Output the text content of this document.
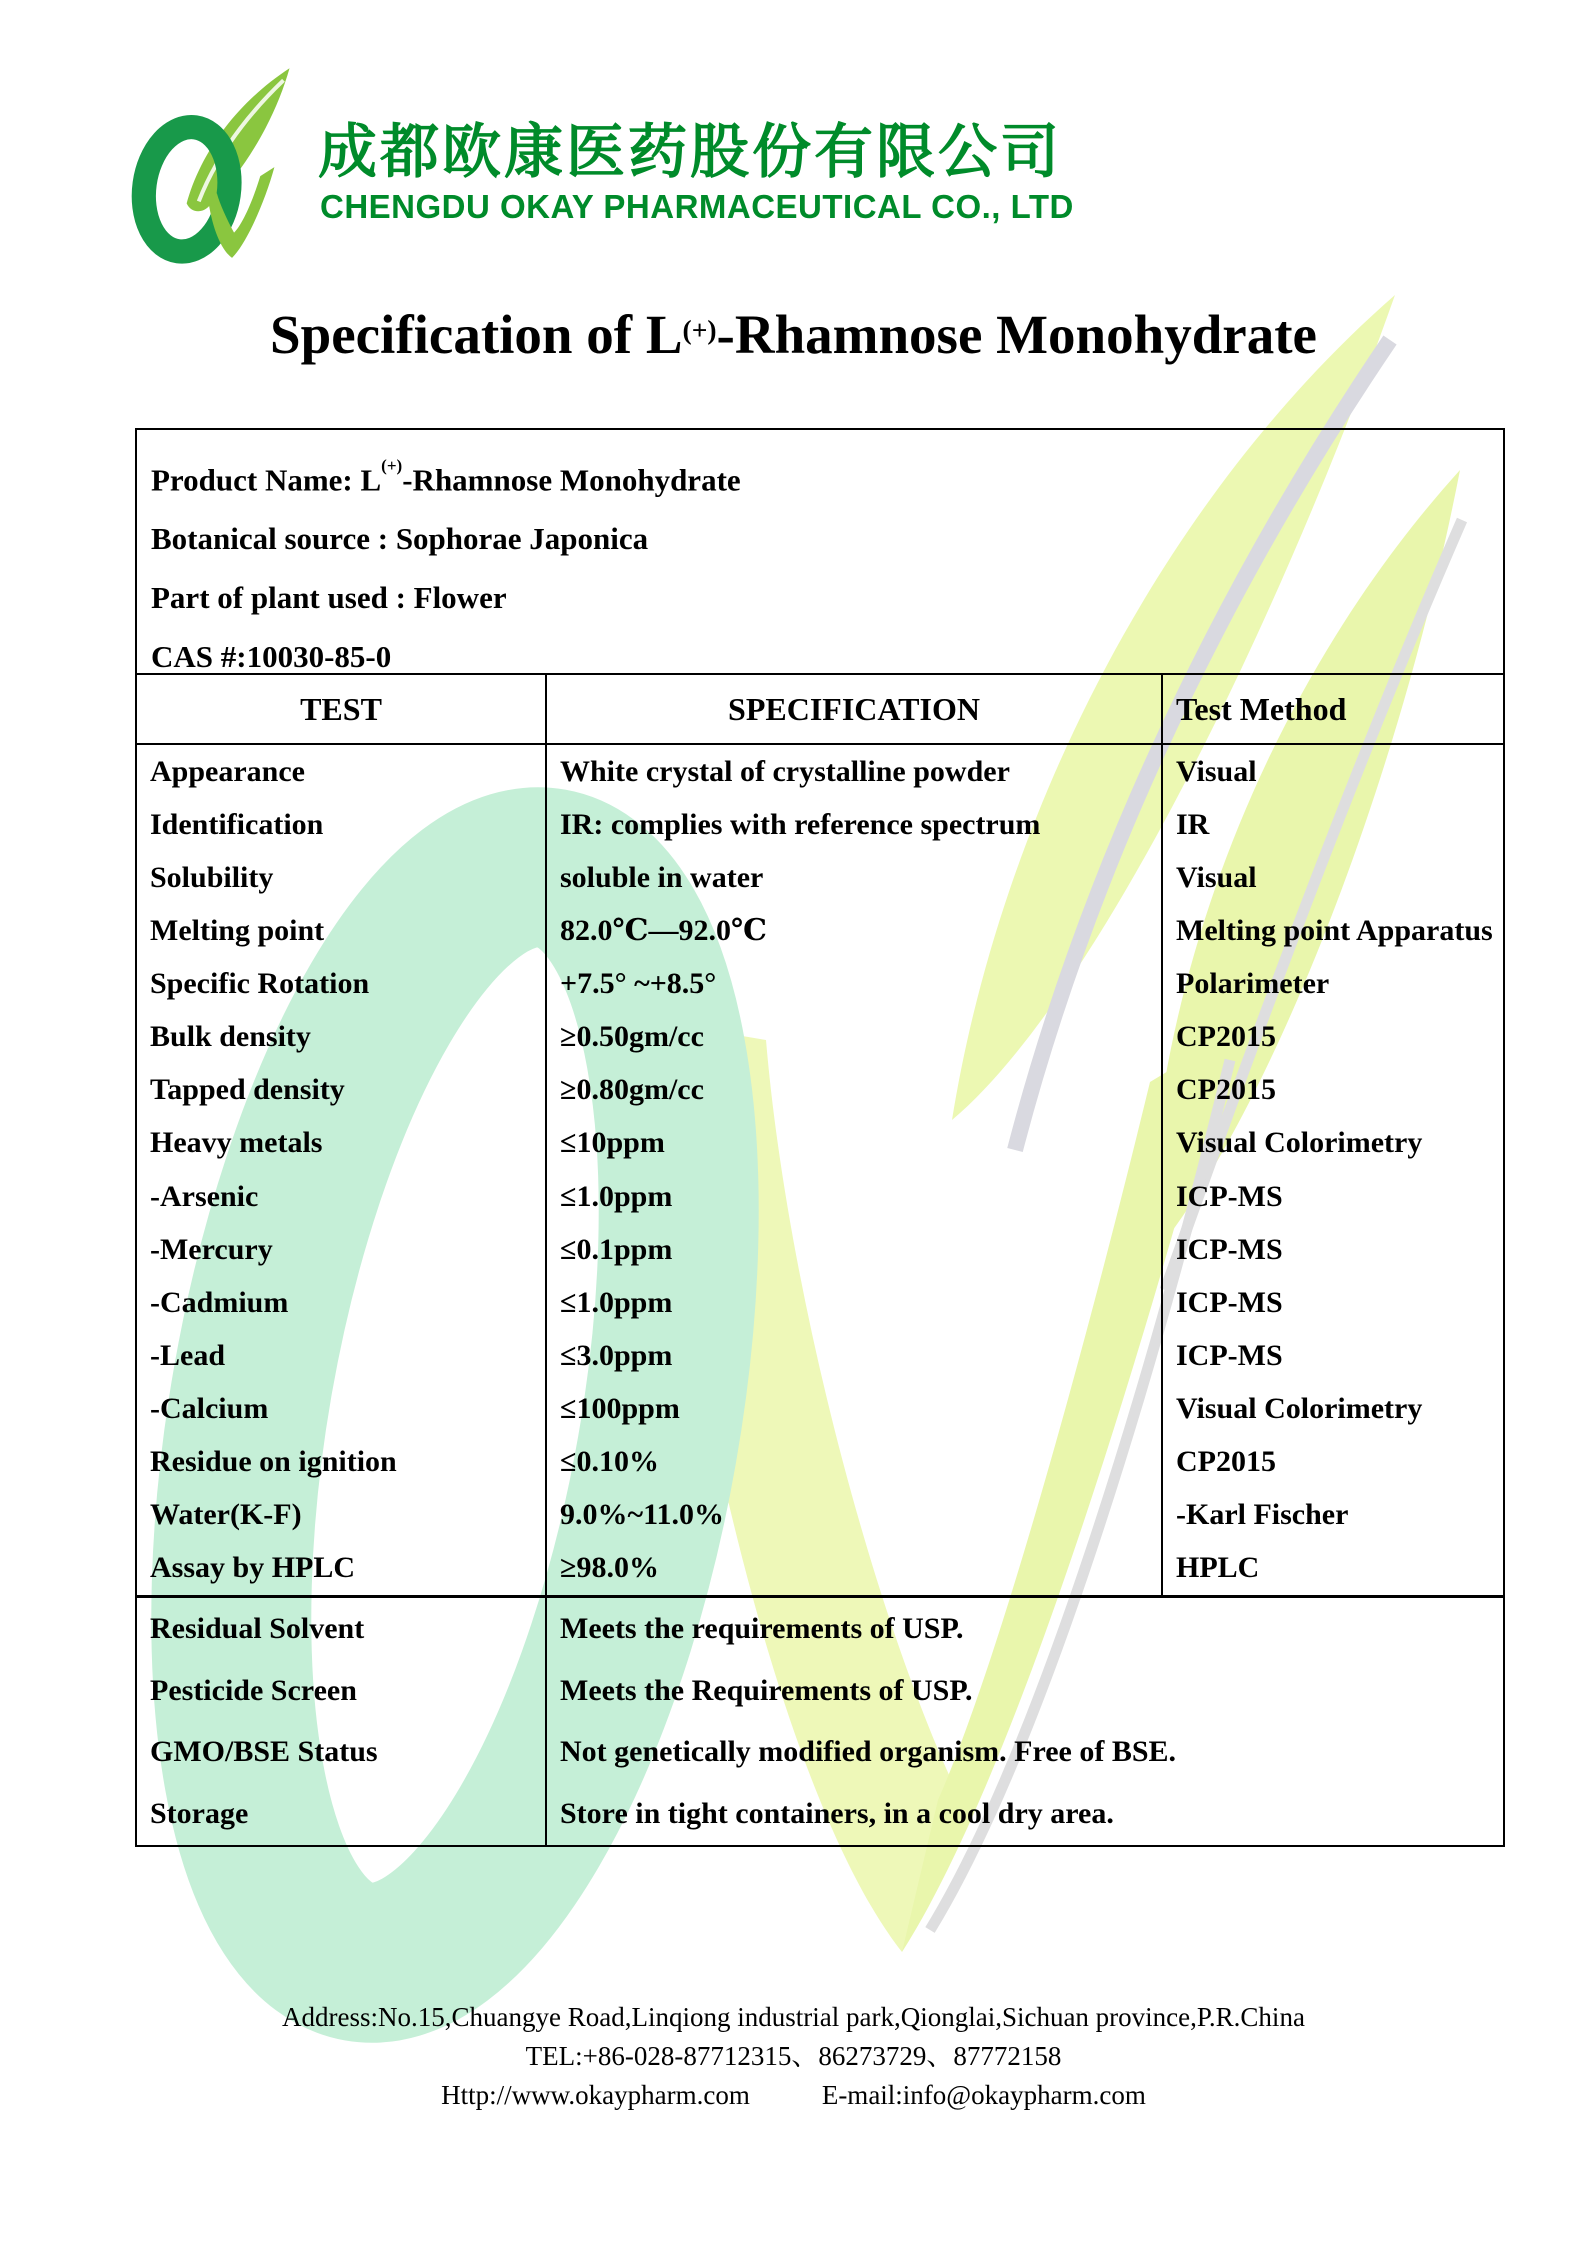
成都欧康医药股份有限公司
CHENGDU OKAY PHARMACEUTICAL CO., LTD
Specification of L(+)-Rhamnose Monohydrate

Product Name: L(+)-Rhamnose Monohydrate

Botanical source : Sophorae Japonica

Part of plant used : Flower

CAS #:10030-85-0

TEST	SPECIFICATION	Test Method
Appearance	White crystal of crystalline powder	Visual
Identification	IR: complies with reference spectrum	IR
Solubility	soluble in water	Visual
Melting point	82.0℃—92.0℃	Melting point Apparatus
Specific Rotation	+7.5° ~+8.5°	Polarimeter
Bulk density	≥0.50gm/cc	CP2015
Tapped density	≥0.80gm/cc	CP2015
Heavy metals	≤10ppm	Visual Colorimetry
-Arsenic	≤1.0ppm	ICP-MS
-Mercury	≤0.1ppm	ICP-MS
-Cadmium	≤1.0ppm	ICP-MS
-Lead	≤3.0ppm	ICP-MS
-Calcium	≤100ppm	Visual Colorimetry
Residue on ignition	≤0.10%	CP2015
Water(K-F)	9.0%~11.0%	-Karl Fischer
Assay by HPLC	≥98.0%	HPLC
Residual Solvent	Meets the requirements of USP.
Pesticide Screen	Meets the Requirements of USP.
GMO/BSE Status	Not genetically modified organism. Free of BSE.
Storage	Store in tight containers, in a cool dry area.

Address:No.15,Chuangye Road,Linqiong industrial park,Qionglai,Sichuan province,P.R.China

TEL:+86-028-87712315、86273729、87772158

Http://www.okaypharm.com	E-mail:info@okaypharm.com
